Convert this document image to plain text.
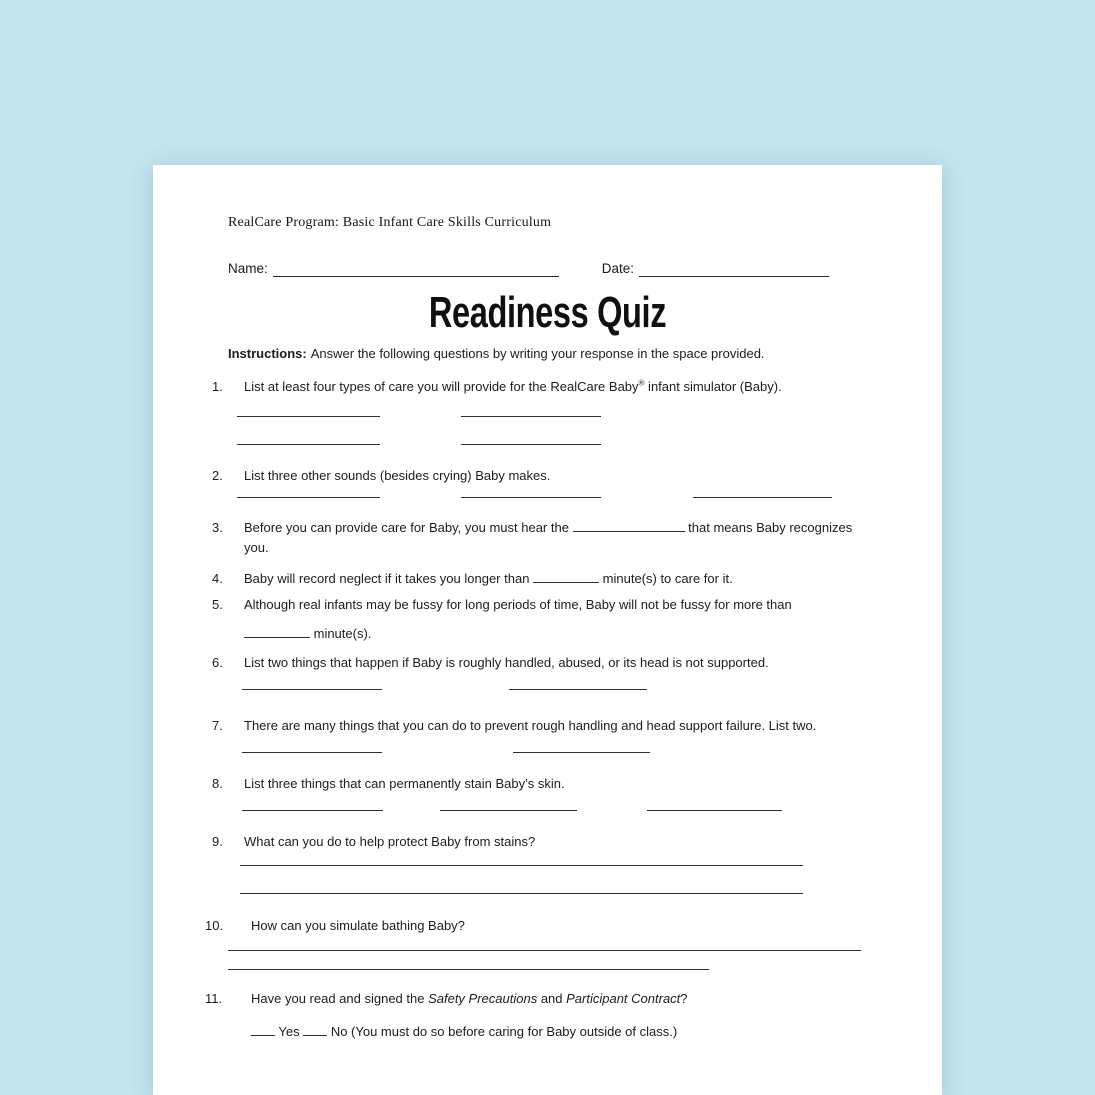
RealCare Program: Basic Infant Care Skills Curriculum
Name:	Date:
Readiness Quiz
Instructions: Answer the following questions by writing your response in the space provided.
1. List at least four types of care you will provide for the RealCare Baby® infant simulator (Baby).
2. List three other sounds (besides crying) Baby makes.
3. Before you can provide care for Baby, you must hear the	that means Baby recognizes
you.
4. Baby will record neglect if it takes you longer than	minute(s) to care for it.
5. Although real infants may be fussy for long periods of time, Baby will not be fussy for more than
minute(s).
6. List two things that happen if Baby is roughly handled, abused, or its head is not supported.
7. There are many things that you can do to prevent rough handling and head support failure. List two.
8. List three things that can permanently stain Baby’s skin.
9. What can you do to help protect Baby from stains?
10. How can you simulate bathing Baby?
11. Have you read and signed the Safety Precautions and Participant Contract?
Yes  No (You must do so before caring for Baby outside of class.)
